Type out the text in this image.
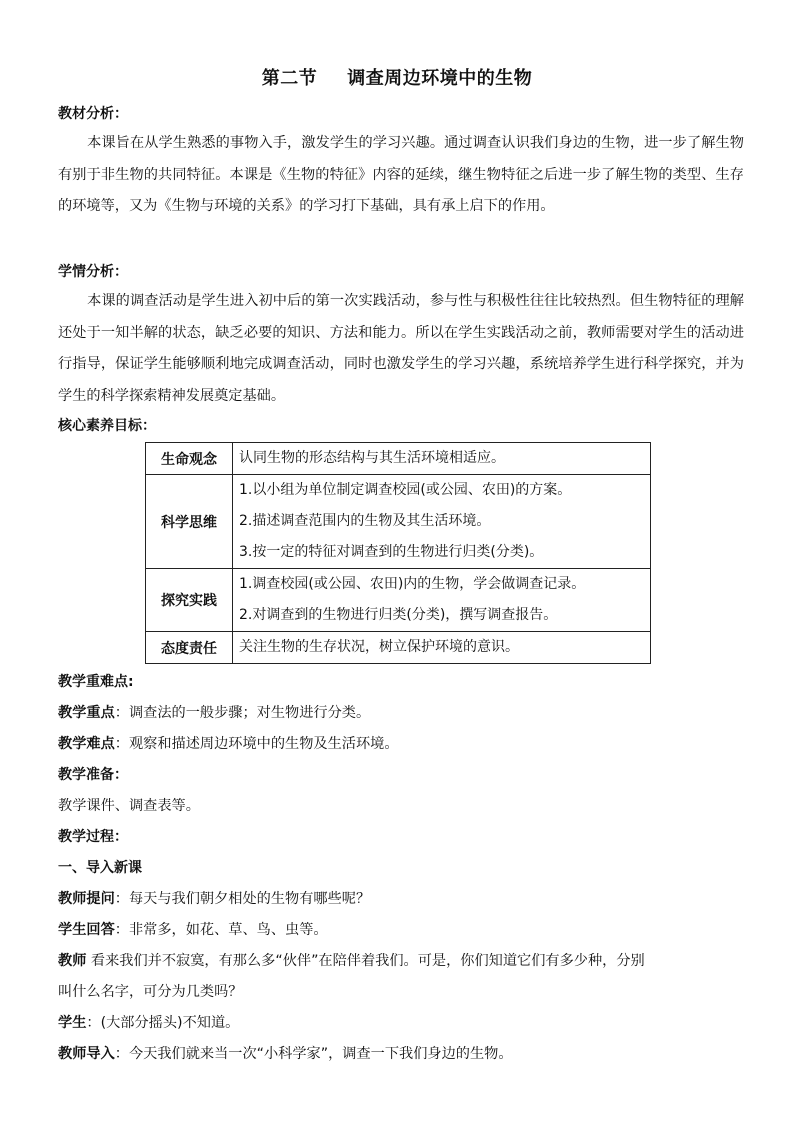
第二节 调查周边环境中的生物
教材分析：
本课旨在从学生熟悉的事物入手，激发学生的学习兴趣。通过调查认识我们身边的生物，进一步了解生物有别于非生物的共同特征。本课是《生物的特征》内容的延续，继生物特征之后进一步了解生物的类型、生存的环境等，又为《生物与环境的关系》的学习打下基础，具有承上启下的作用。
学情分析：
本课的调查活动是学生进入初中后的第一次实践活动，参与性与积极性往往比较热烈。但生物特征的理解还处于一知半解的状态，缺乏必要的知识、方法和能力。所以在学生实践活动之前，教师需要对学生的活动进行指导，保证学生能够顺利地完成调查活动，同时也激发学生的学习兴趣，系统培养学生进行科学探究，并为学生的科学探索精神发展奠定基础。
核心素养目标：
生命观念	认同生物的形态结构与其生活环境相适应。

科学思维	1.以小组为单位制定调查校园(或公园、农田)的方案。
2.描述调查范围内的生物及其生活环境。
3.按一定的特征对调查到的生物进行归类(分类)。

探究实践	1.调查校园(或公园、农田)内的生物，学会做调查记录。
2.对调查到的生物进行归类(分类)，撰写调查报告。

态度责任	关注生物的生存状况，树立保护环境的意识。
教学重难点:
教学重点：调查法的一般步骤；对生物进行分类。
教学难点：观察和描述周边环境中的生物及生活环境。
教学准备：
教学课件、调查表等。
教学过程：
一、导入新课
教师提问：每天与我们朝夕相处的生物有哪些呢？
学生回答：非常多，如花、草、鸟、虫等。
教师 看来我们并不寂寞，有那么多“伙伴”在陪伴着我们。可是，你们知道它们有多少种，分别
叫什么名字，可分为几类吗？
学生：(大部分摇头)不知道。
教师导入：今天我们就来当一次“小科学家”，调查一下我们身边的生物。
